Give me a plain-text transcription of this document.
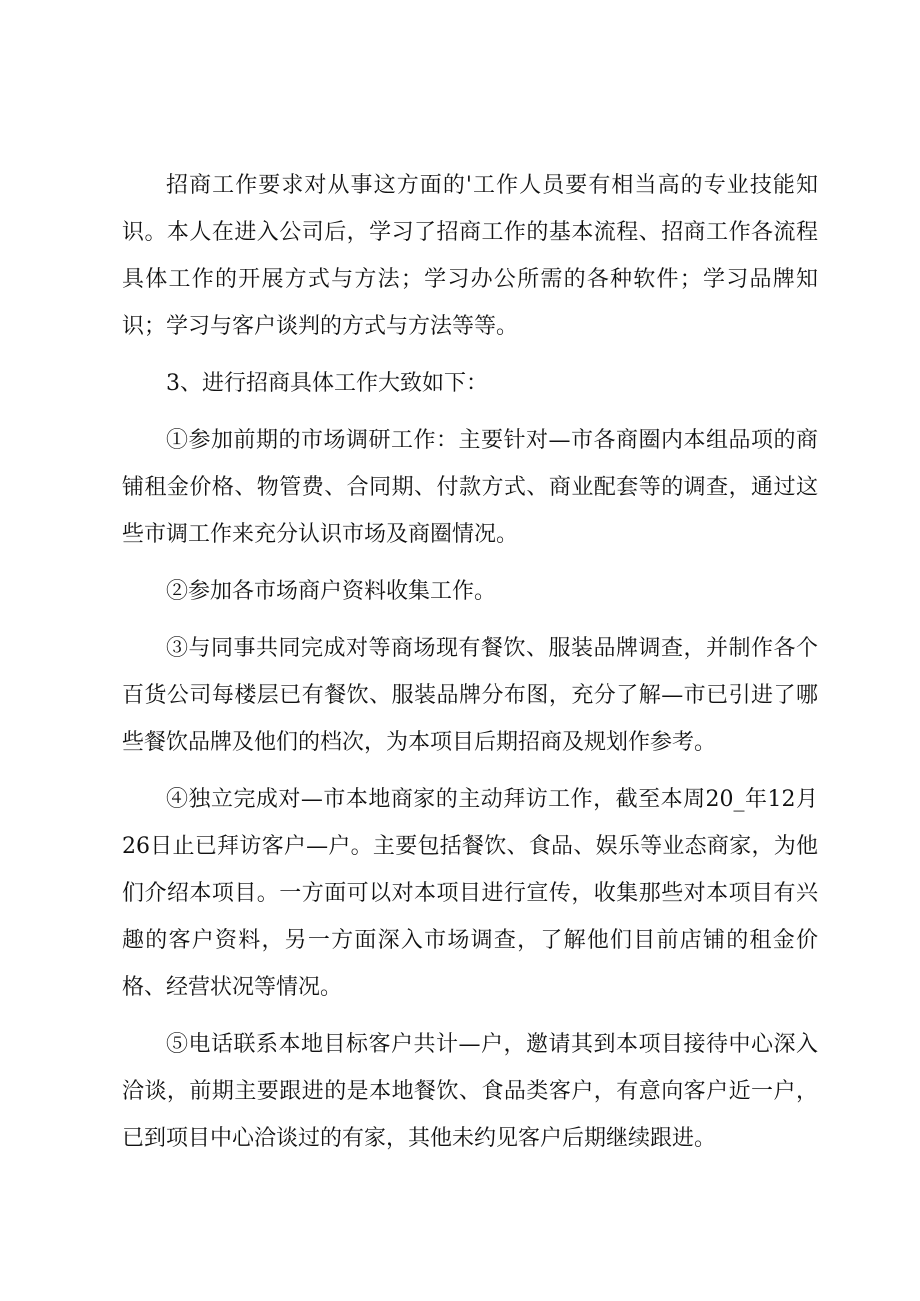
招商工作要求对从事这方面的'工作人员要有相当高的专业技能知识。本人在进入公司后，学习了招商工作的基本流程、招商工作各流程具体工作的开展方式与方法；学习办公所需的各种软件；学习品牌知识；学习与客户谈判的方式与方法等等。

3、进行招商具体工作大致如下：

①参加前期的市场调研工作：主要针对—市各商圈内本组品项的商铺租金价格、物管费、合同期、付款方式、商业配套等的调查，通过这些市调工作来充分认识市场及商圈情况。

②参加各市场商户资料收集工作。

③与同事共同完成对等商场现有餐饮、服装品牌调查，并制作各个百货公司每楼层已有餐饮、服装品牌分布图，充分了解—市已引进了哪些餐饮品牌及他们的档次，为本项目后期招商及规划作参考。

④独立完成对—市本地商家的主动拜访工作，截至本周20_年12月26日止已拜访客户—户。主要包括餐饮、食品、娱乐等业态商家，为他们介绍本项目。一方面可以对本项目进行宣传，收集那些对本项目有兴趣的客户资料，另一方面深入市场调查，了解他们目前店铺的租金价格、经营状况等情况。

⑤电话联系本地目标客户共计—户，邀请其到本项目接待中心深入洽谈，前期主要跟进的是本地餐饮、食品类客户，有意向客户近一户，已到项目中心洽谈过的有家，其他未约见客户后期继续跟进。
